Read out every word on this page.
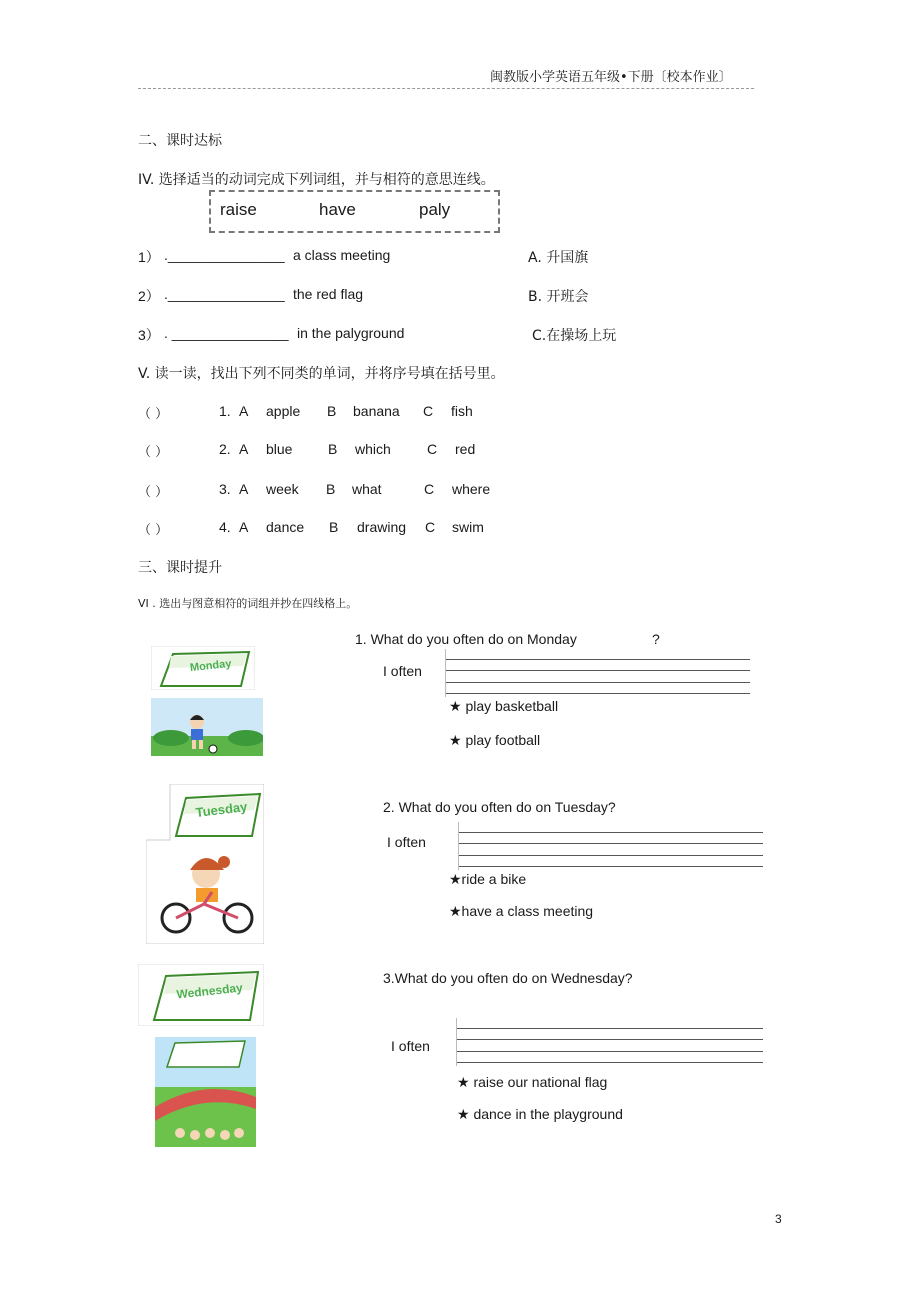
闽教版小学英语五年级•下册〔校本作业〕
二、课时达标
IV. 选择适当的动词完成下列词组，并与相符的意思连线。
raise	have	paly
1） ._______________ a class meeting	A. 升国旗
2） ._______________ the red flag	B. 开班会
3） . _______________ in the palyground	C.在操场上玩
V. 读一读，找出下列不同类的单词，并将序号填在括号里。
（ ）	1. A apple B banana C fish
（ ）	2. A blue	B which	C red
（ ）	3. A week B what	C where
（ ）	4. A dance B drawing C swim
三、课时提升
VI . 选出与图意相符的词组并抄在四线格上。
Monday
1. What do you often do on Monday	?
I often
★ play basketball
★ play football
Tuesday	2. What do you often do on Tuesday?
I often
★ride a bike
★have a class meeting
Wednesday
3.What do you often do on Wednesday?
I often
★ raise our national flag
★ dance in the playground
3
